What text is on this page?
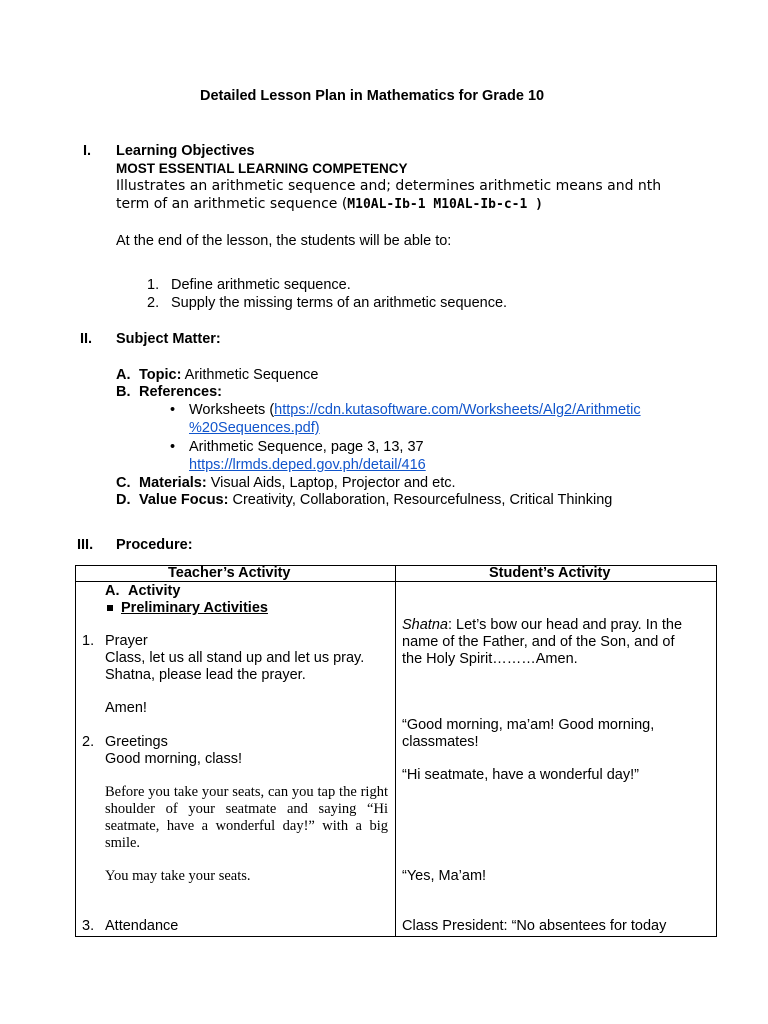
Detailed Lesson Plan in Mathematics for Grade 10
I. Learning Objectives
MOST ESSENTIAL LEARNING COMPETENCY
Illustrates an arithmetic sequence and; determines arithmetic means and nth
term of an arithmetic sequence (M10AL-Ib-1 M10AL-Ib-c-1 )
At the end of the lesson, the students will be able to:
1. Define arithmetic sequence.
2. Supply the missing terms of an arithmetic sequence.
II. Subject Matter:
A. Topic: Arithmetic Sequence
B. References:
• Worksheets (https://cdn.kutasoftware.com/Worksheets/Alg2/Arithmetic
%20Sequences.pdf)
• Arithmetic Sequence, page 3, 13, 37
https://lrmds.deped.gov.ph/detail/416
C. Materials: Visual Aids, Laptop, Projector and etc.
D. Value Focus: Creativity, Collaboration, Resourcefulness, Critical Thinking
III. Procedure:
Teacher’s Activity	Student’s Activity
A. Activity
Preliminary Activities
1. Prayer
Class, let us all stand up and let us pray.
Shatna, please lead the prayer.
Amen!
2. Greetings
Good morning, class!
Before you take your seats, can you tap the right shoulder of your seatmate and saying “Hi seatmate, have a wonderful day!” with a big smile.
You may take your seats.
3. Attendance
Shatna: Let’s bow our head and pray. In the
name of the Father, and of the Son, and of
the Holy Spirit………Amen.
“Good morning, ma’am! Good morning,
classmates!
“Hi seatmate, have a wonderful day!”
“Yes, Ma’am!
Class President: “No absentees for today
